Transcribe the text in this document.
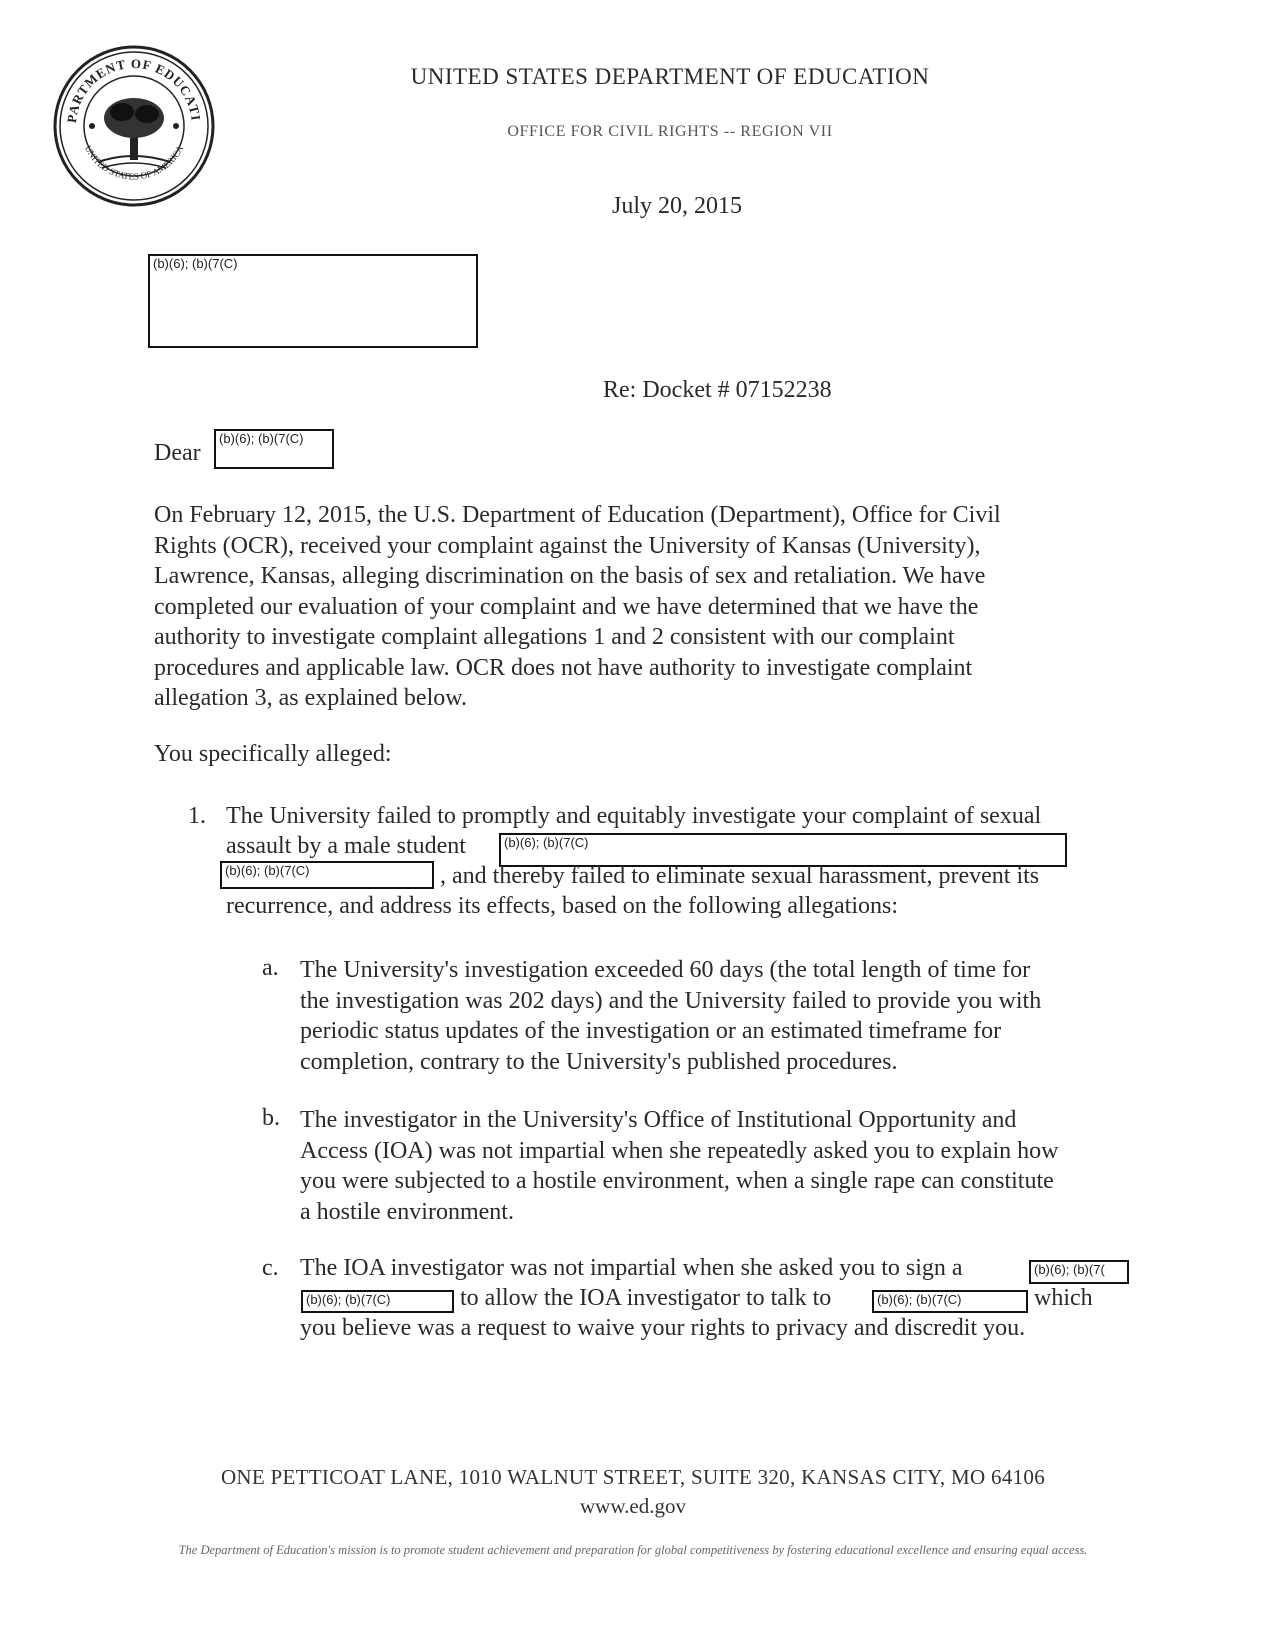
PARTMENT OF EDUCATI
UNITED STATES OF AMERICA
UNITED STATES DEPARTMENT OF EDUCATION
OFFICE FOR CIVIL RIGHTS -- REGION VII
July 20, 2015
(b)(6); (b)(7(C)
Re: Docket # 07152238
Dear
(b)(6); (b)(7(C)
On February 12, 2015, the U.S. Department of Education (Department), Office for Civil
Rights (OCR), received your complaint against the University of Kansas (University),
Lawrence, Kansas, alleging discrimination on the basis of sex and retaliation. We have
completed our evaluation of your complaint and we have determined that we have the
authority to investigate complaint allegations 1 and 2 consistent with our complaint
procedures and applicable law. OCR does not have authority to investigate complaint
allegation 3, as explained below.
You specifically alleged:
1. The University failed to promptly and equitably investigate your complaint of sexual
assault by a male student	(b)(6); (b)(7(C)
(b)(6); (b)(7(C)	, and thereby failed to eliminate sexual harassment, prevent its
recurrence, and address its effects, based on the following allegations:
a. The University's investigation exceeded 60 days (the total length of time for
the investigation was 202 days) and the University failed to provide you with
periodic status updates of the investigation or an estimated timeframe for
completion, contrary to the University's published procedures.
b. The investigator in the University's Office of Institutional Opportunity and
Access (IOA) was not impartial when she repeatedly asked you to explain how
you were subjected to a hostile environment, when a single rape can constitute
a hostile environment.
c. The IOA investigator was not impartial when she asked you to sign a	(b)(6); (b)(7(
(b)(6); (b)(7(C)	to allow the IOA investigator to talk to	(b)(6); (b)(7(C)	which
you believe was a request to waive your rights to privacy and discredit you.
ONE PETTICOAT LANE, 1010 WALNUT STREET, SUITE 320, KANSAS CITY, MO 64106
www.ed.gov
The Department of Education's mission is to promote student achievement and preparation for global competitiveness by fostering educational excellence and ensuring equal access.
